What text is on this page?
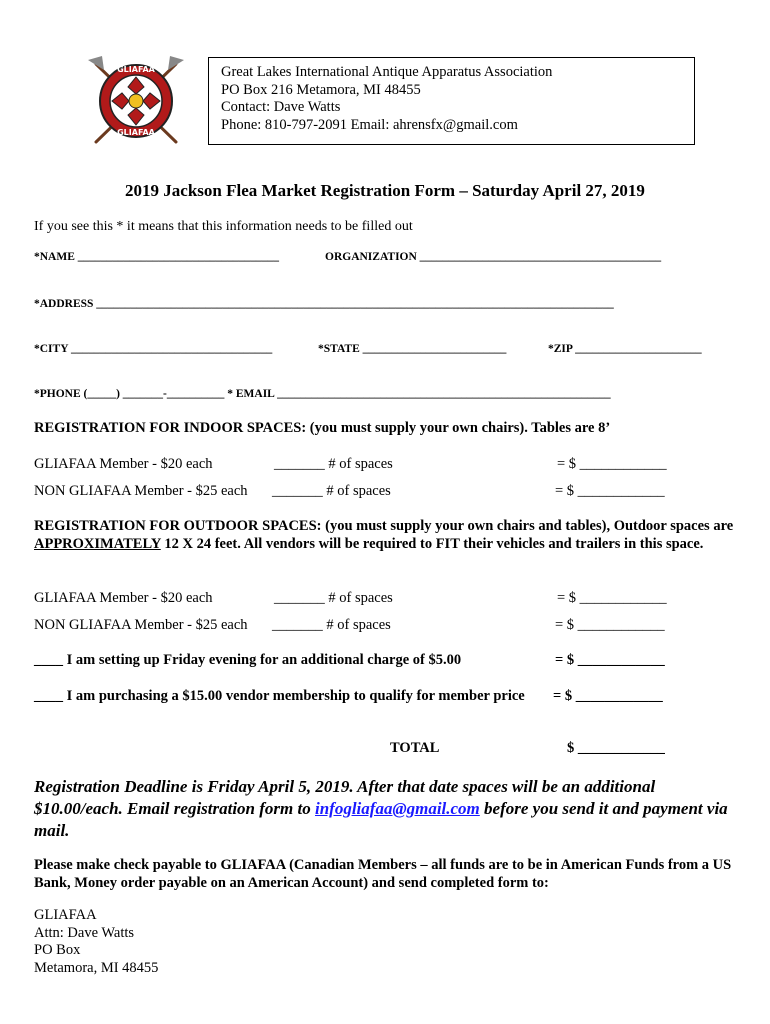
GLIAFAA
GLIAFAA
Great Lakes International Antique Apparatus Association
PO Box 216 Metamora, MI 48455
Contact: Dave Watts
Phone: 810-797-2091 Email: ahrensfx@gmail.com
2019 Jackson Flea Market Registration Form – Saturday April 27, 2019
If you see this * it means that this information needs to be filled out
*NAME ___________________________________	ORGANIZATION __________________________________________
*ADDRESS __________________________________________________________________________________________
*CITY ___________________________________	*STATE _________________________	*ZIP ______________________
*PHONE (_____) _______-__________ * EMAIL __________________________________________________________
REGISTRATION FOR INDOOR SPACES: (you must supply your own chairs). Tables are 8’
GLIAFAA Member - $20 each	_______ # of spaces	= $ ____________
NON GLIAFAA Member - $25 each _______ # of spaces	= $ ____________
REGISTRATION FOR OUTDOOR SPACES: (you must supply your own chairs and tables), Outdoor spaces are APPROXIMATELY 12 X 24 feet. All vendors will be required to FIT their vehicles and trailers in this space.
GLIAFAA Member - $20 each	_______ # of spaces	= $ ____________
NON GLIAFAA Member - $25 each _______ # of spaces	= $ ____________
____ I am setting up Friday evening for an additional charge of $5.00	= $ ____________
____ I am purchasing a $15.00 vendor membership to qualify for member price = $ ____________
TOTAL	$ ____________
Registration Deadline is Friday April 5, 2019. After that date spaces will be an additional $10.00/each. Email registration form to infogliafaa@gmail.com before you send it and payment via mail.
Please make check payable to GLIAFAA (Canadian Members – all funds are to be in American Funds from a US Bank, Money order payable on an American Account) and send completed form to:
GLIAFAA
Attn: Dave Watts
PO Box
Metamora, MI 48455
